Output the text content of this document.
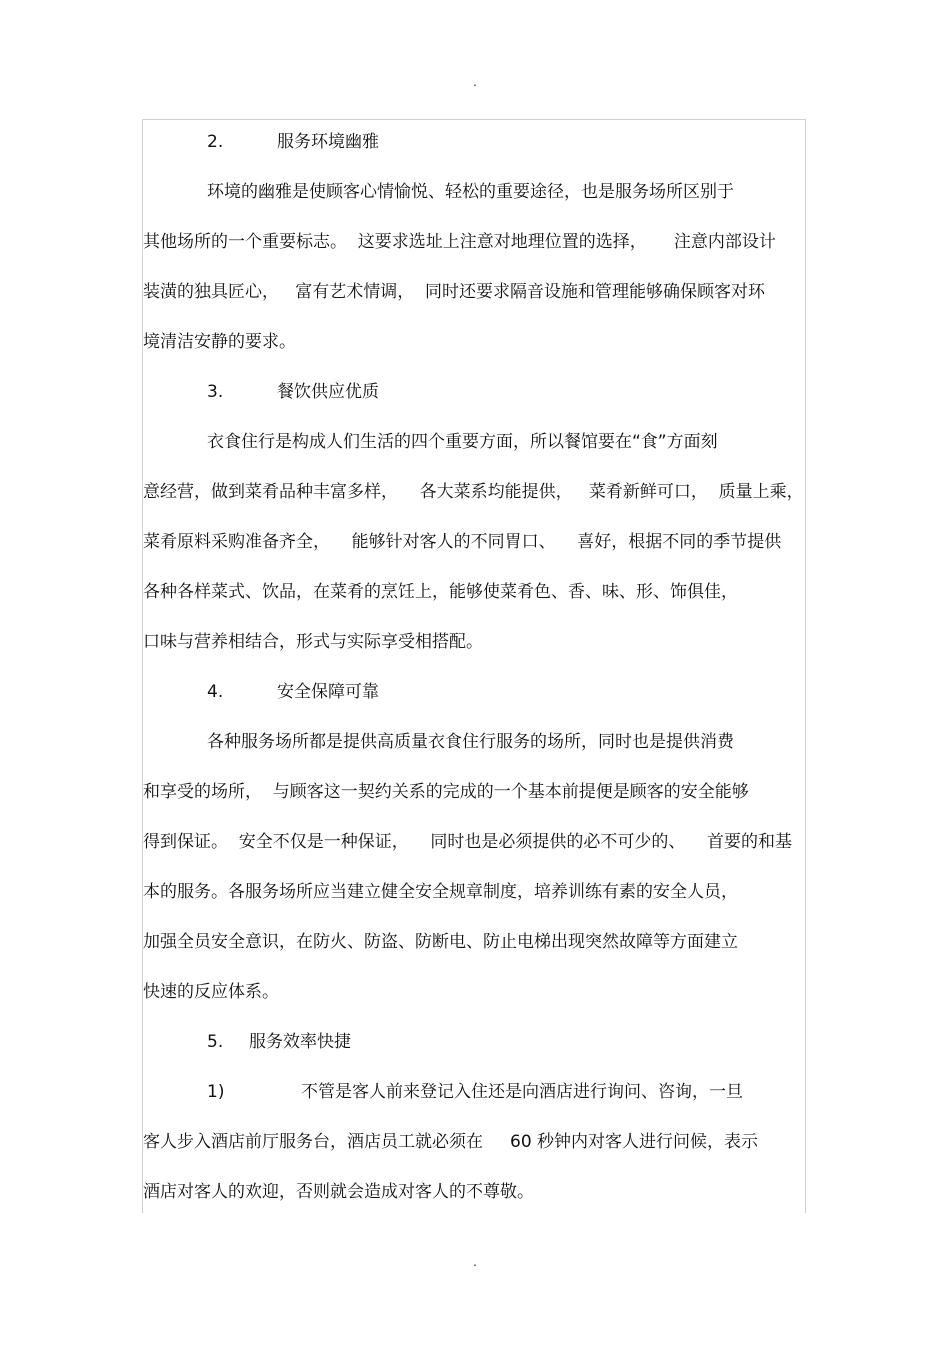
.
2.	服务环境幽雅
环境的幽雅是使顾客心情愉悦、轻松的重要途径，也是服务场所区别于
其他场所的一个重要标志。  这要求选址上注意对地理位置的选择，     注意内部设计
装潢的独具匠心，   富有艺术情调，  同时还要求隔音设施和管理能够确保顾客对环
境清洁安静的要求。
3.	餐饮供应优质
衣食住行是构成人们生活的四个重要方面，所以餐馆要在“食”方面刻
意经营，做到菜肴品种丰富多样，    各大菜系均能提供，   菜肴新鲜可口，  质量上乘，
菜肴原料采购准备齐全，    能够针对客人的不同胃口、    喜好，根据不同的季节提供
各种各样菜式、饮品，在菜肴的烹饪上，能够使菜肴色、香、味、形、饰俱佳，
口味与营养相结合，形式与实际享受相搭配。
4.	安全保障可靠
各种服务场所都是提供高质量衣食住行服务的场所，同时也是提供消费
和享受的场所，  与顾客这一契约关系的完成的一个基本前提便是顾客的安全能够
得到保证。  安全不仅是一种保证，    同时也是必须提供的必不可少的、    首要的和基
本的服务。各服务场所应当建立健全安全规章制度，培养训练有素的安全人员，
加强全员安全意识，在防火、防盗、防断电、防止电梯出现突然故障等方面建立
快速的反应体系。
5. 服务效率快捷
1)	不管是客人前来登记入住还是向酒店进行询问、咨询，一旦
客人步入酒店前厅服务台，酒店员工就必须在     60 秒钟内对客人进行问候，表示
酒店对客人的欢迎，否则就会造成对客人的不尊敬。
.
